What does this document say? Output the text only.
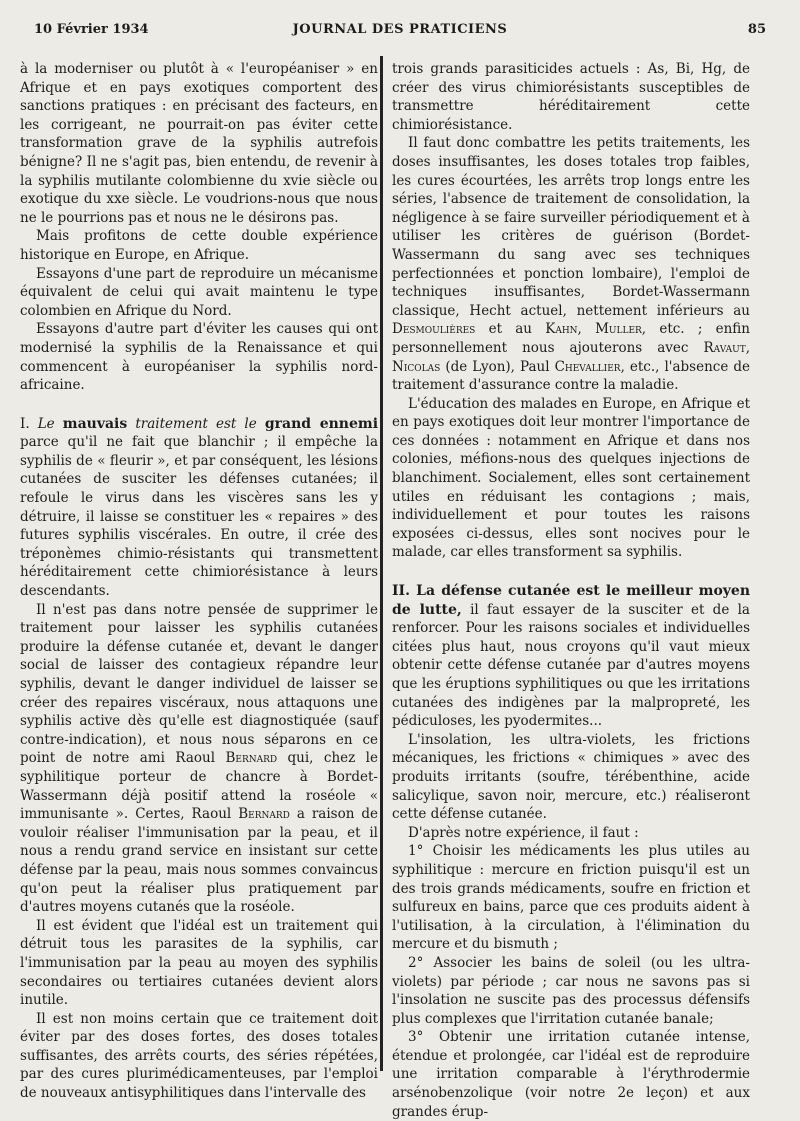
10 Février 1934	JOURNAL DES PRATICIENS	85

à la moderniser ou plutôt à « l'européaniser » en Afrique et en pays exotiques comportent des sanctions pratiques : en précisant des facteurs, en les corrigeant, ne pourrait-on pas éviter cette transformation grave de la syphilis autrefois bénigne? Il ne s'agit pas, bien entendu, de revenir à la syphilis mutilante colombienne du xvie siècle ou exotique du xxe siècle. Le voudrions-nous que nous ne le pourrions pas et nous ne le désirons pas.

Mais profitons de cette double expérience historique en Europe, en Afrique.

Essayons d'une part de reproduire un mécanisme équivalent de celui qui avait maintenu le type colombien en Afrique du Nord.

Essayons d'autre part d'éviter les causes qui ont modernisé la syphilis de la Renaissance et qui commencent à européaniser la syphilis nord-africaine.

I. Le mauvais traitement est le grand ennemi parce qu'il ne fait que blanchir ; il empêche la syphilis de « fleurir », et par conséquent, les lésions cutanées de susciter les défenses cutanées; il refoule le virus dans les viscères sans les y détruire, il laisse se constituer les « repaires » des futures syphilis viscérales. En outre, il crée des tréponèmes chimio-résistants qui transmettent héréditairement cette chimiorésistance à leurs descendants.

Il n'est pas dans notre pensée de supprimer le traitement pour laisser les syphilis cutanées produire la défense cutanée et, devant le danger social de laisser des contagieux répandre leur syphilis, devant le danger individuel de laisser se créer des repaires viscéraux, nous attaquons une syphilis active dès qu'elle est diagnostiquée (sauf contre-indication), et nous nous séparons en ce point de notre ami Raoul Bernard qui, chez le syphilitique porteur de chancre à Bordet-Wassermann déjà positif attend la roséole « immunisante ». Certes, Raoul Bernard a raison de vouloir réaliser l'immunisation par la peau, et il nous a rendu grand service en insistant sur cette défense par la peau, mais nous sommes convaincus qu'on peut la réaliser plus pratiquement par d'autres moyens cutanés que la roséole.

Il est évident que l'idéal est un traitement qui détruit tous les parasites de la syphilis, car l'immunisation par la peau au moyen des syphilis secondaires ou tertiaires cutanées devient alors inutile.

Il est non moins certain que ce traitement doit éviter par des doses fortes, des doses totales suffisantes, des arrêts courts, des séries répétées, par des cures plurimédicamenteuses, par l'emploi de nouveaux antisyphilitiques dans l'intervalle des

trois grands parasiticides actuels : As, Bi, Hg, de créer des virus chimiorésistants susceptibles de transmettre héréditairement cette chimiorésistance.

Il faut donc combattre les petits traitements, les doses insuffisantes, les doses totales trop faibles, les cures écourtées, les arrêts trop longs entre les séries, l'absence de traitement de consolidation, la négligence à se faire surveiller périodiquement et à utiliser les critères de guérison (Bordet-Wassermann du sang avec ses techniques perfectionnées et ponction lombaire), l'emploi de techniques insuffisantes, Bordet-Wassermann classique, Hecht actuel, nettement inférieurs au Desmoulières et au Kahn, Muller, etc. ; enfin personnellement nous ajouterons avec Ravaut, Nicolas (de Lyon), Paul Chevallier, etc., l'absence de traitement d'assurance contre la maladie.

L'éducation des malades en Europe, en Afrique et en pays exotiques doit leur montrer l'importance de ces données : notamment en Afrique et dans nos colonies, méfions-nous des quelques injections de blanchiment. Socialement, elles sont certainement utiles en réduisant les contagions ; mais, individuellement et pour toutes les raisons exposées ci-dessus, elles sont nocives pour le malade, car elles transforment sa syphilis.

II. La défense cutanée est le meilleur moyen de lutte, il faut essayer de la susciter et de la renforcer. Pour les raisons sociales et individuelles citées plus haut, nous croyons qu'il vaut mieux obtenir cette défense cutanée par d'autres moyens que les éruptions syphilitiques ou que les irritations cutanées des indigènes par la malpropreté, les pédiculoses, les pyodermites...

L'insolation, les ultra-violets, les frictions mécaniques, les frictions « chimiques » avec des produits irritants (soufre, térébenthine, acide salicylique, savon noir, mercure, etc.) réaliseront cette défense cutanée.

D'après notre expérience, il faut :

1° Choisir les médicaments les plus utiles au syphilitique : mercure en friction puisqu'il est un des trois grands médicaments, soufre en friction et sulfureux en bains, parce que ces produits aident à l'utilisation, à la circulation, à l'élimination du mercure et du bismuth ;

2° Associer les bains de soleil (ou les ultra-violets) par période ; car nous ne savons pas si l'insolation ne suscite pas des processus défensifs plus complexes que l'irritation cutanée banale;

3° Obtenir une irritation cutanée intense, étendue et prolongée, car l'idéal est de reproduire une irritation comparable à l'érythrodermie arsénobenzolique (voir notre 2e leçon) et aux grandes érup-
